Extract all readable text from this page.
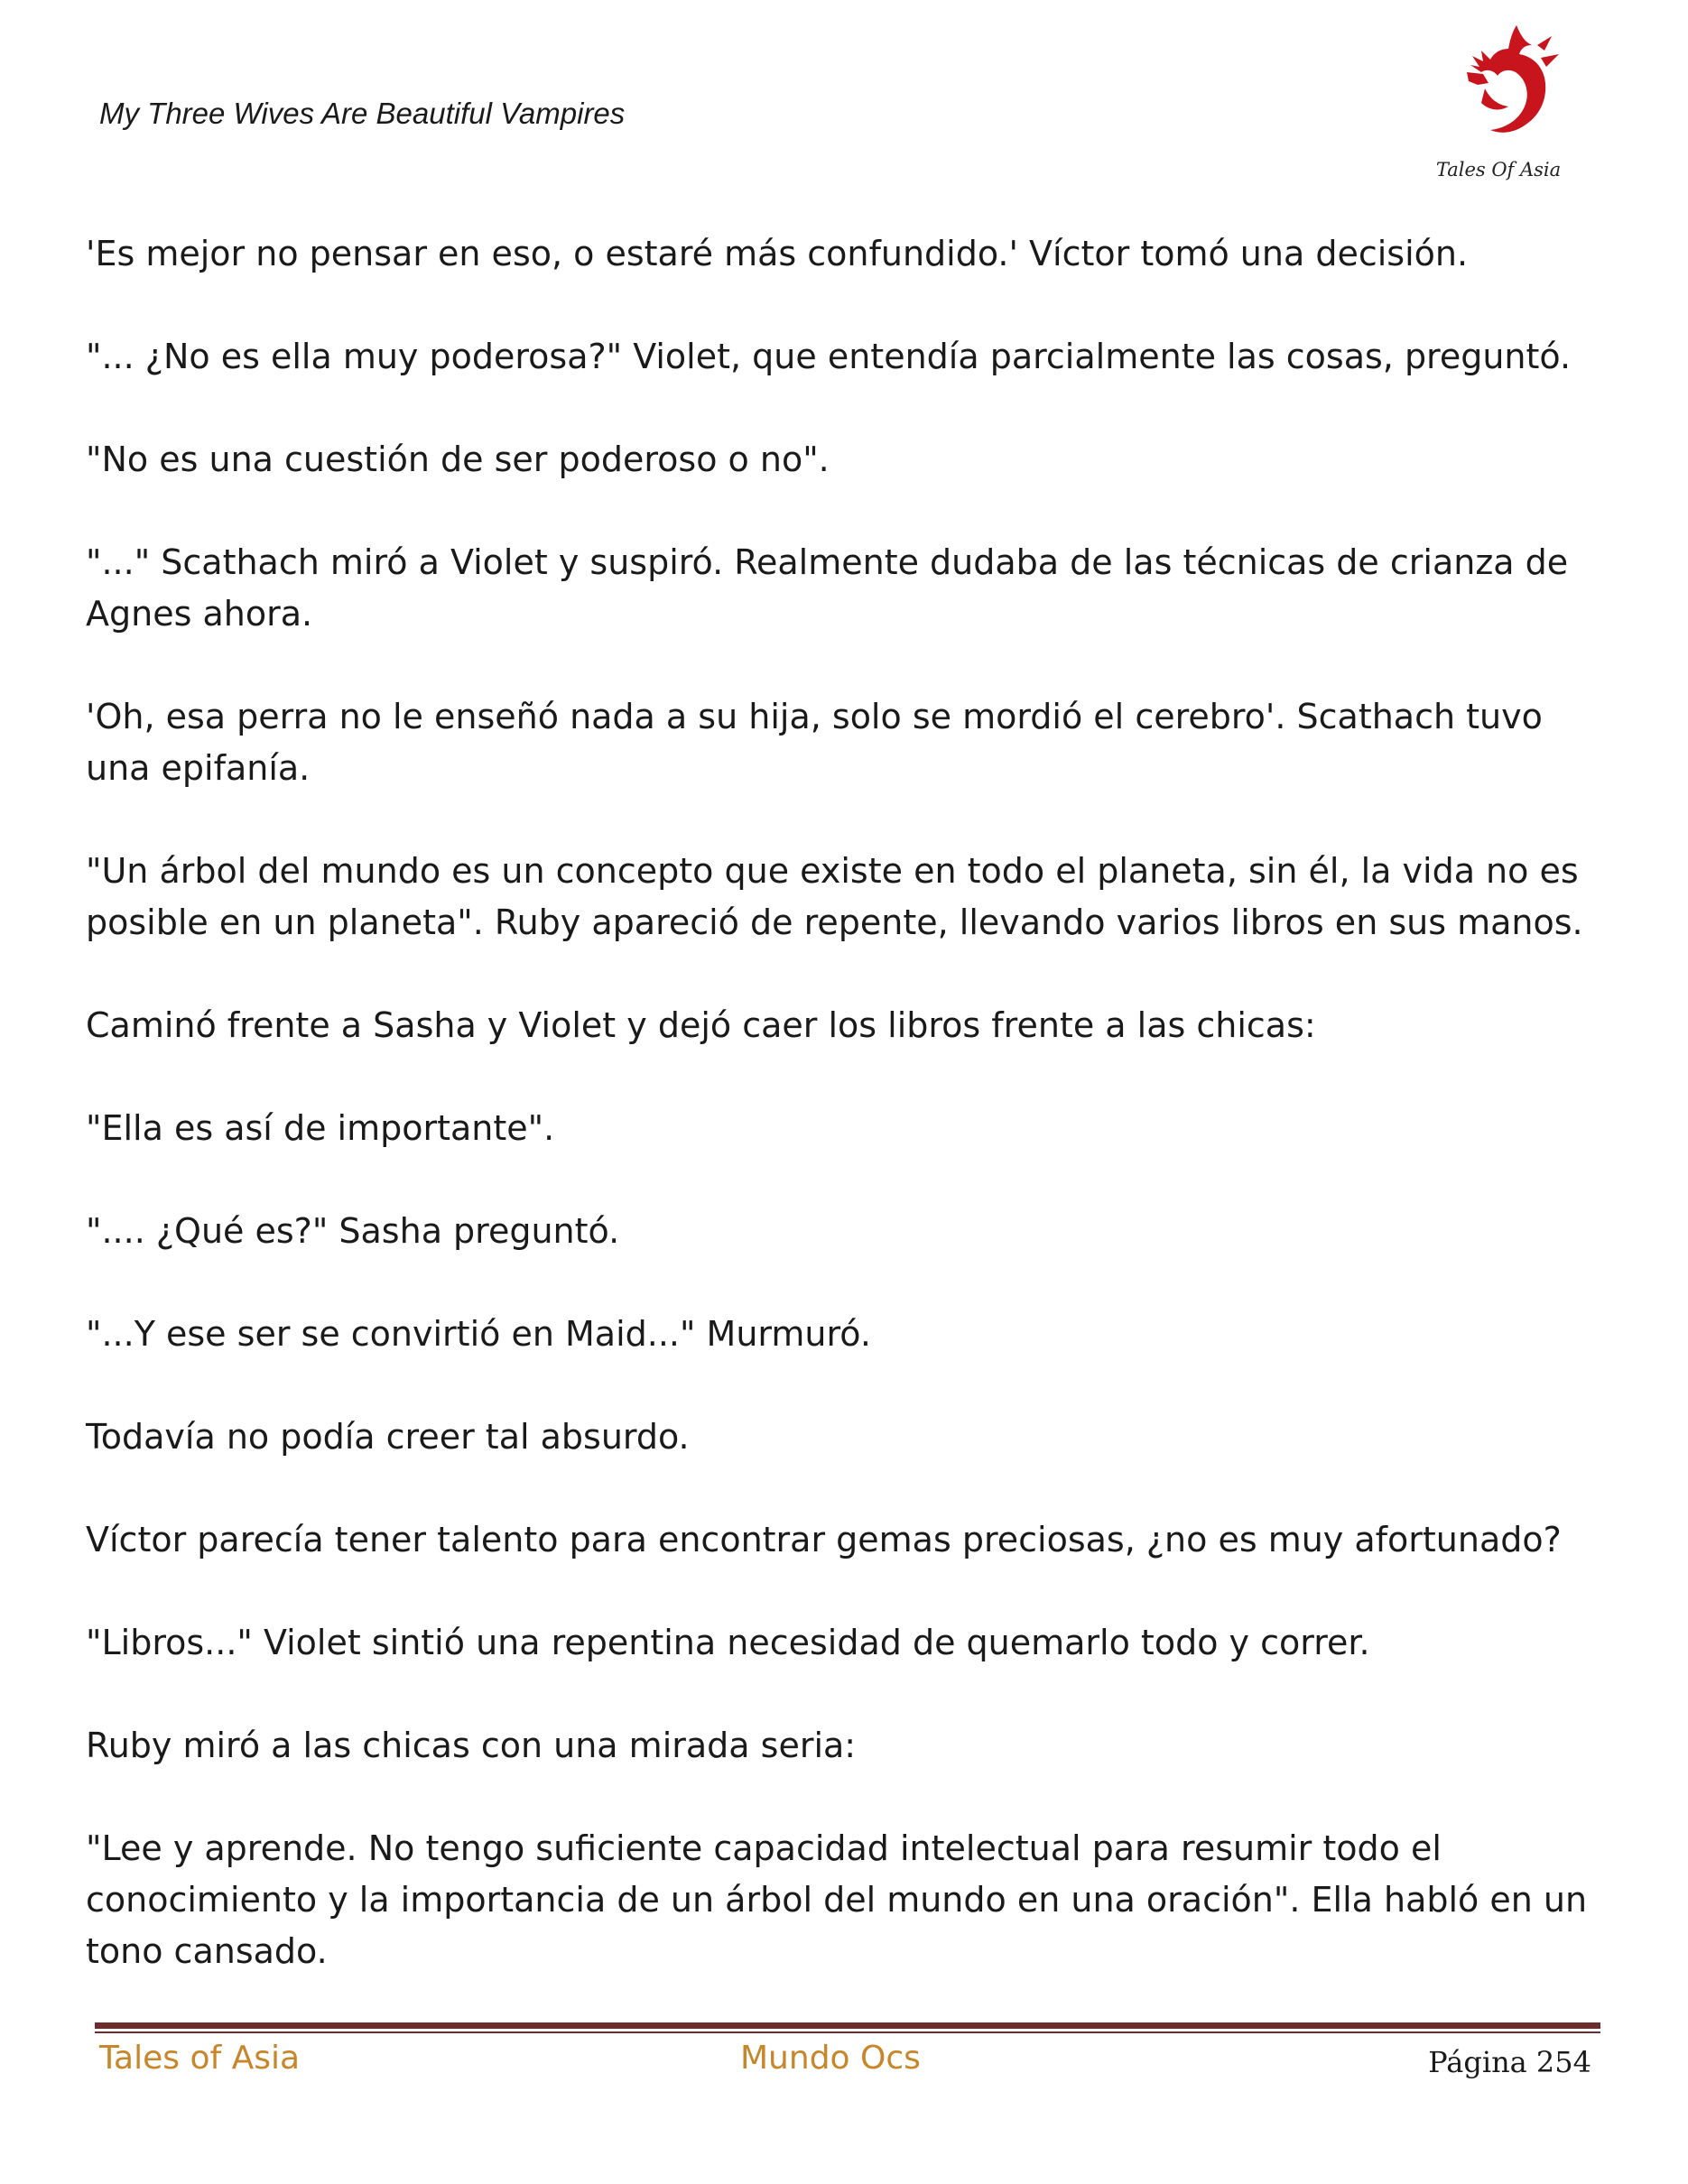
My Three Wives Are Beautiful Vampires
Tales Of Asia

'Es mejor no pensar en eso, o estaré más confundido.' Víctor tomó una decisión.

"... ¿No es ella muy poderosa?" Violet, que entendía parcialmente las cosas, preguntó.

"No es una cuestión de ser poderoso o no".

"..." Scathach miró a Violet y suspiró. Realmente dudaba de las técnicas de crianza de Agnes ahora.

'Oh, esa perra no le enseñó nada a su hija, solo se mordió el cerebro'. Scathach tuvo una epifanía.

"Un árbol del mundo es un concepto que existe en todo el planeta, sin él, la vida no es posible en un planeta". Ruby apareció de repente, llevando varios libros en sus manos.

Caminó frente a Sasha y Violet y dejó caer los libros frente a las chicas:

"Ella es así de importante".

".... ¿Qué es?" Sasha preguntó.

"...Y ese ser se convirtió en Maid..." Murmuró.

Todavía no podía creer tal absurdo.

Víctor parecía tener talento para encontrar gemas preciosas, ¿no es muy afortunado?

"Libros..." Violet sintió una repentina necesidad de quemarlo todo y correr.

Ruby miró a las chicas con una mirada seria:

"Lee y aprende. No tengo suficiente capacidad intelectual para resumir todo el conocimiento y la importancia de un árbol del mundo en una oración". Ella habló en un tono cansado.

Tales of Asia	Mundo Ocs	Página 254
